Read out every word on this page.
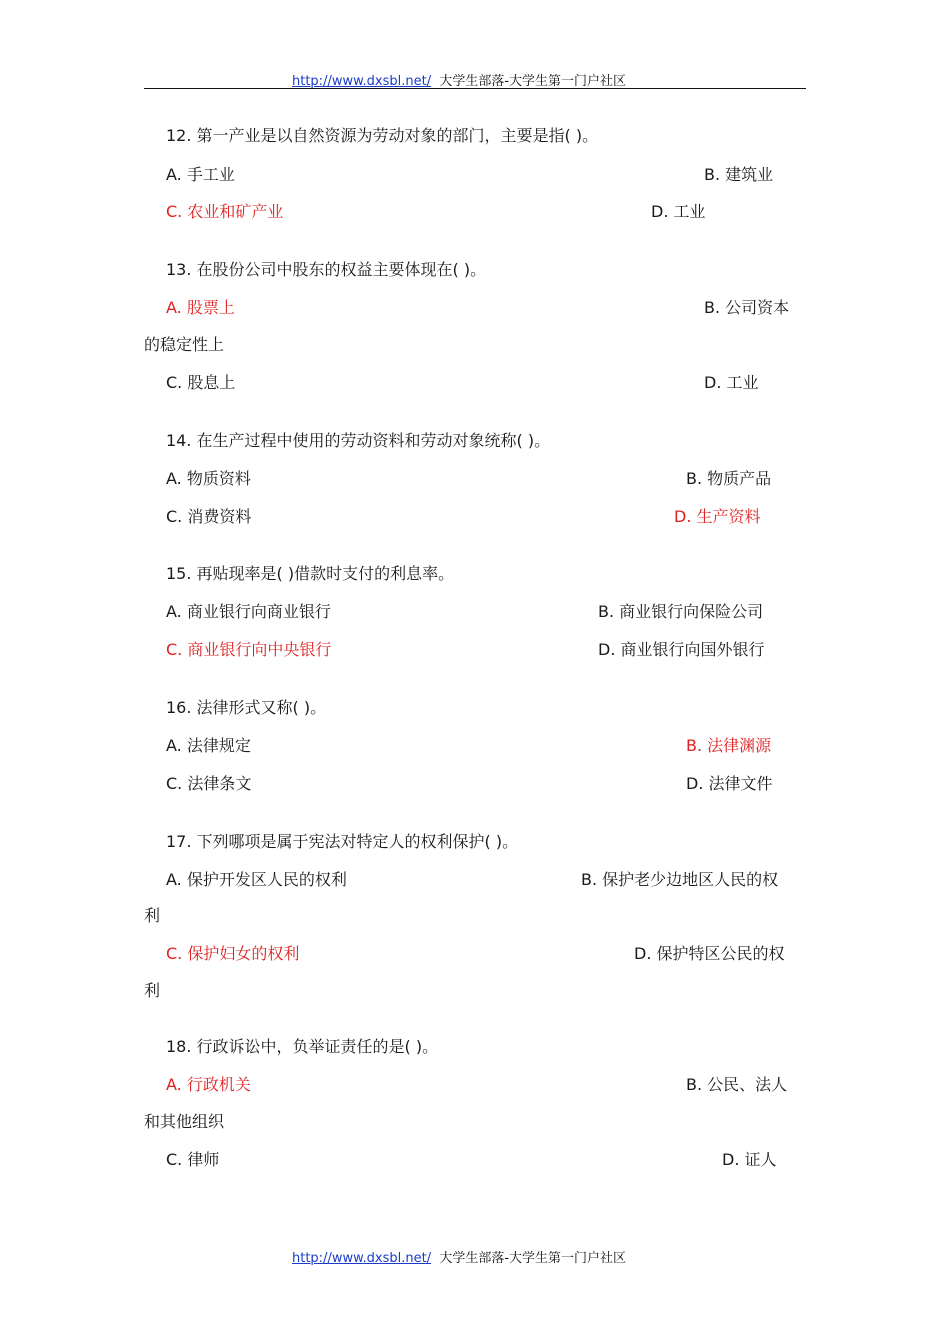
http://www.dxsbl.net/ 大学生部落-大学生第一门户社区
12. 第一产业是以自然资源为劳动对象的部门，主要是指( )。
A. 手工业	B. 建筑业
C. 农业和矿产业	D. 工业
13. 在股份公司中股东的权益主要体现在( )。
A. 股票上	B. 公司资本
的稳定性上
C. 股息上	D. 工业
14. 在生产过程中使用的劳动资料和劳动对象统称( )。
A. 物质资料	B. 物质产品
C. 消费资料	D. 生产资料
15. 再贴现率是( )借款时支付的利息率。
A. 商业银行向商业银行	B. 商业银行向保险公司
C. 商业银行向中央银行	D. 商业银行向国外银行
16. 法律形式又称( )。
A. 法律规定	B. 法律渊源
C. 法律条文	D. 法律文件
17. 下列哪项是属于宪法对特定人的权利保护( )。
A. 保护开发区人民的权利	B. 保护老少边地区人民的权
利
C. 保护妇女的权利	D. 保护特区公民的权
利
18. 行政诉讼中，负举证责任的是( )。
A. 行政机关	B. 公民、法人
和其他组织
C. 律师	D. 证人
http://www.dxsbl.net/ 大学生部落-大学生第一门户社区
